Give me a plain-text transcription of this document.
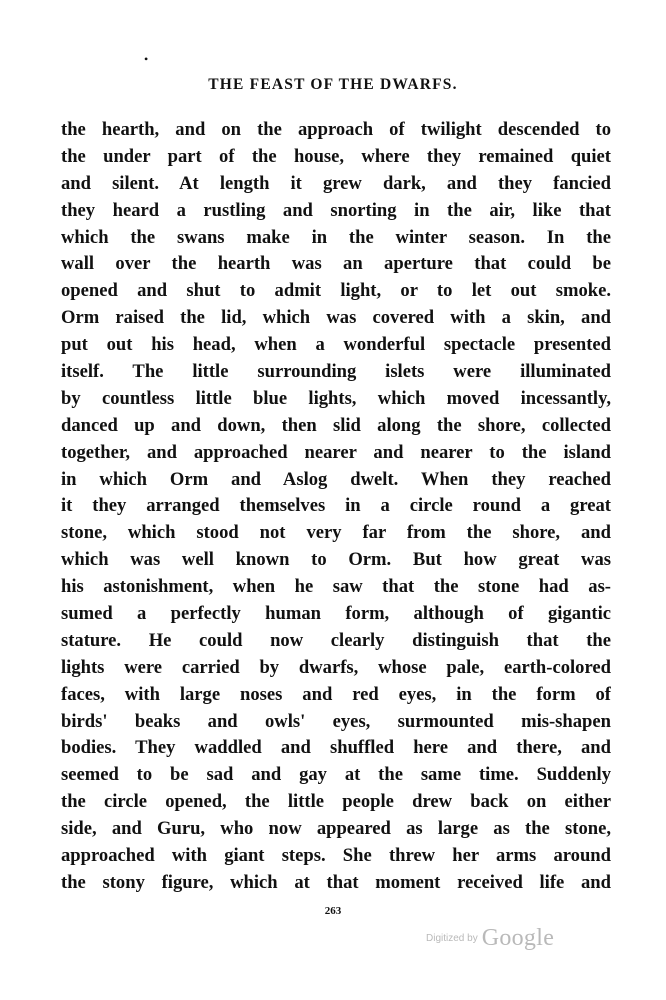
•
THE FEAST OF THE DWARFS.
the hearth, and on the approach of twilight descended to
the under part of the house, where they remained quiet
and silent. At length it grew dark, and they fancied
they heard a rustling and snorting in the air, like that
which the swans make in the winter season. In the
wall over the hearth was an aperture that could be
opened and shut to admit light, or to let out smoke.
Orm raised the lid, which was covered with a skin, and
put out his head, when a wonderful spectacle presented
itself. The little surrounding islets were illuminated
by countless little blue lights, which moved incessantly,
danced up and down, then slid along the shore, collected
together, and approached nearer and nearer to the island
in which Orm and Aslog dwelt. When they reached
it they arranged themselves in a circle round a great
stone, which stood not very far from the shore, and
which was well known to Orm. But how great was
his astonishment, when he saw that the stone had as-
sumed a perfectly human form, although of gigantic
stature. He could now clearly distinguish that the
lights were carried by dwarfs, whose pale, earth-colored
faces, with large noses and red eyes, in the form of
birds' beaks and owls' eyes, surmounted mis-shapen
bodies. They waddled and shuffled here and there, and
seemed to be sad and gay at the same time. Suddenly
the circle opened, the little people drew back on either
side, and Guru, who now appeared as large as the stone,
approached with giant steps. She threw her arms around
the stony figure, which at that moment received life and
263
Digitized by Google
